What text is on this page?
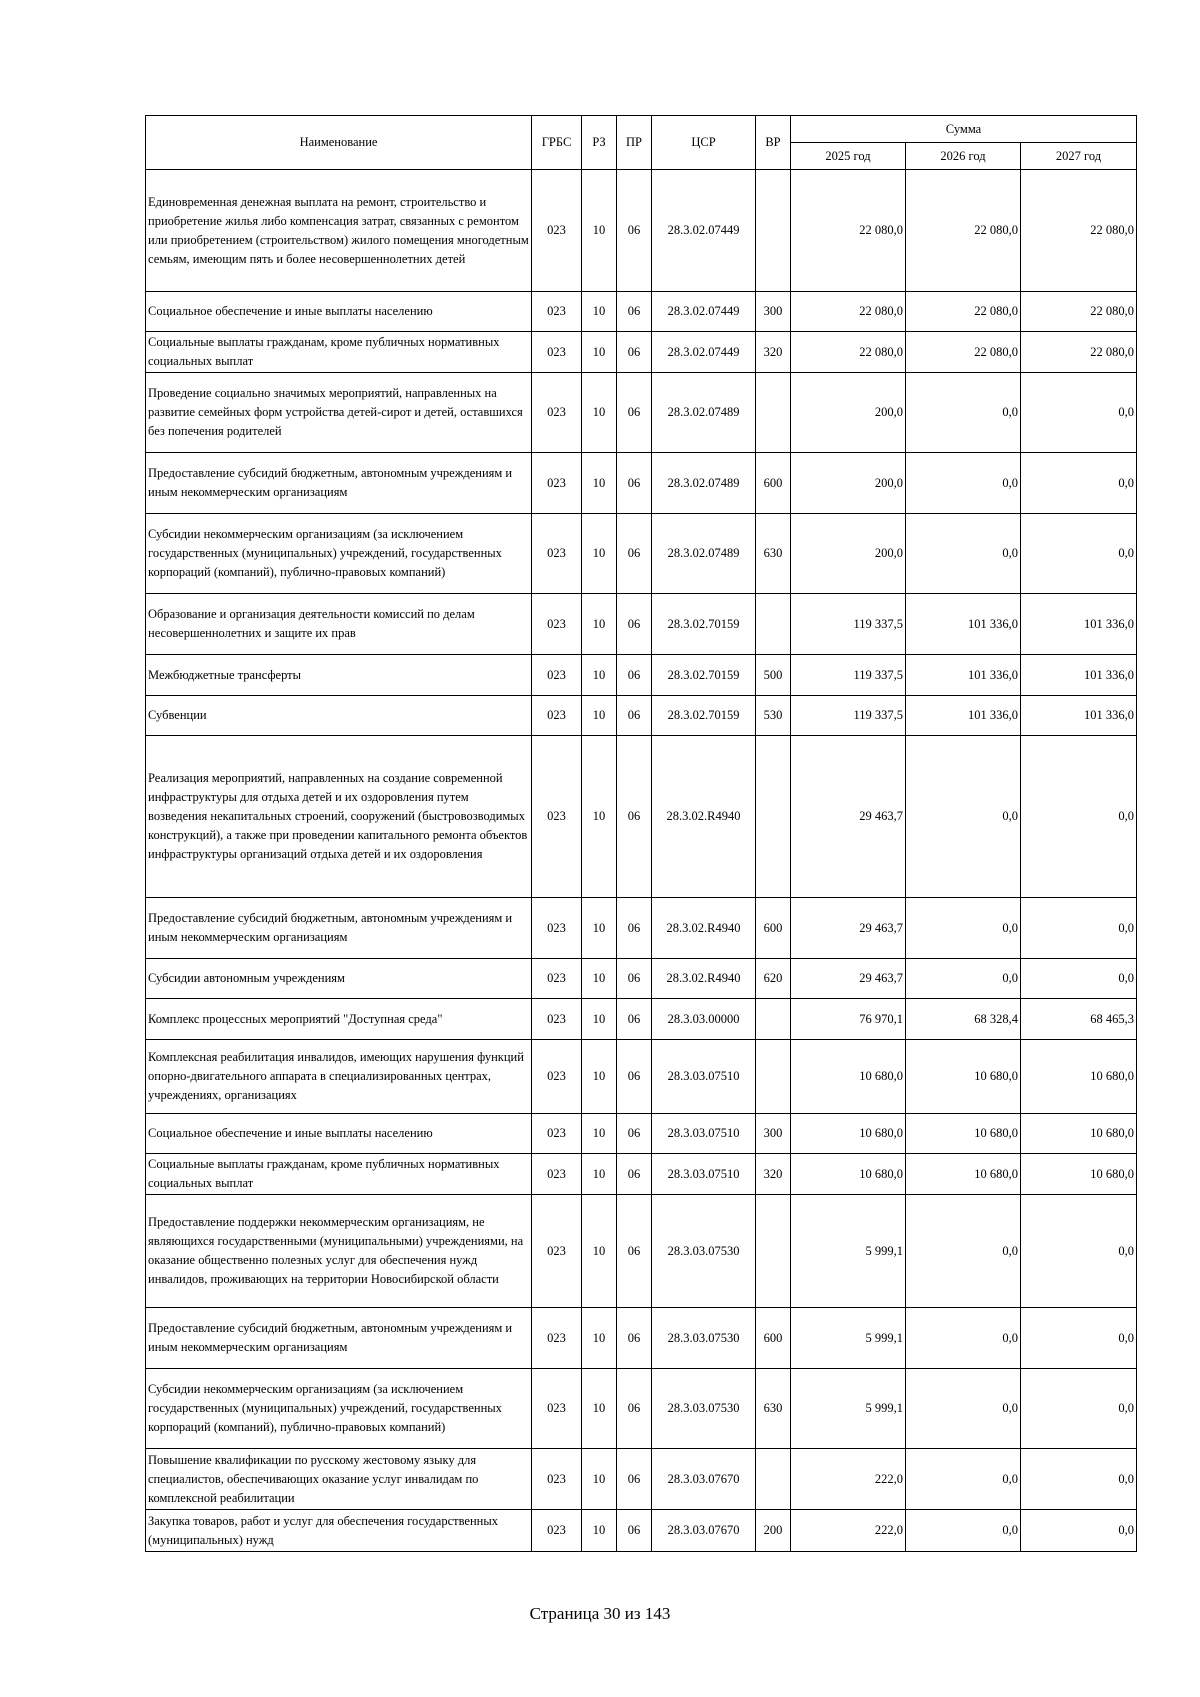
Наименование	ГРБС	РЗ	ПР	ЦСР	ВР	Сумма		
						2025 год	2026 год	2027 год
Единовременная денежная выплата на ремонт, строительство и приобретение жилья либо компенсация затрат, связанных с ремонтом или приобретением (строительством) жилого помещения многодетным семьям, имеющим пять и более несовершеннолетних детей	023	10	06	28.3.02.07449		22 080,0	22 080,0	22 080,0
Социальное обеспечение и иные выплаты населению	023	10	06	28.3.02.07449	300	22 080,0	22 080,0	22 080,0
Социальные выплаты гражданам, кроме публичных нормативных социальных выплат	023	10	06	28.3.02.07449	320	22 080,0	22 080,0	22 080,0
Проведение социально значимых мероприятий, направленных на развитие семейных форм устройства детей-сирот и детей, оставшихся без попечения родителей	023	10	06	28.3.02.07489		200,0	0,0	0,0
Предоставление субсидий бюджетным, автономным учреждениям и иным некоммерческим организациям	023	10	06	28.3.02.07489	600	200,0	0,0	0,0
Субсидии некоммерческим организациям (за исключением государственных (муниципальных) учреждений, государственных корпораций (компаний), публично-правовых компаний)	023	10	06	28.3.02.07489	630	200,0	0,0	0,0
Образование и организация деятельности комиссий по делам несовершеннолетних и защите их прав	023	10	06	28.3.02.70159		119 337,5	101 336,0	101 336,0
Межбюджетные трансферты	023	10	06	28.3.02.70159	500	119 337,5	101 336,0	101 336,0
Субвенции	023	10	06	28.3.02.70159	530	119 337,5	101 336,0	101 336,0
Реализация мероприятий, направленных на создание современной инфраструктуры для отдыха детей и их оздоровления путем возведения некапитальных строений, сооружений (быстровозводимых конструкций), а также при проведении капитального ремонта объектов инфраструктуры организаций отдыха детей и их оздоровления	023	10	06	28.3.02.R4940		29 463,7	0,0	0,0
Предоставление субсидий бюджетным, автономным учреждениям и иным некоммерческим организациям	023	10	06	28.3.02.R4940	600	29 463,7	0,0	0,0
Субсидии автономным учреждениям	023	10	06	28.3.02.R4940	620	29 463,7	0,0	0,0
Комплекс процессных мероприятий "Доступная среда"	023	10	06	28.3.03.00000		76 970,1	68 328,4	68 465,3
Комплексная реабилитация инвалидов, имеющих нарушения функций опорно-двигательного аппарата в специализированных центрах, учреждениях, организациях	023	10	06	28.3.03.07510		10 680,0	10 680,0	10 680,0
Социальное обеспечение и иные выплаты населению	023	10	06	28.3.03.07510	300	10 680,0	10 680,0	10 680,0
Социальные выплаты гражданам, кроме публичных нормативных социальных выплат	023	10	06	28.3.03.07510	320	10 680,0	10 680,0	10 680,0
Предоставление поддержки некоммерческим организациям, не являющихся государственными (муниципальными) учреждениями, на оказание общественно полезных услуг для обеспечения нужд инвалидов, проживающих на территории Новосибирской области	023	10	06	28.3.03.07530		5 999,1	0,0	0,0
Предоставление субсидий бюджетным, автономным учреждениям и иным некоммерческим организациям	023	10	06	28.3.03.07530	600	5 999,1	0,0	0,0
Субсидии некоммерческим организациям (за исключением государственных (муниципальных) учреждений, государственных корпораций (компаний), публично-правовых компаний)	023	10	06	28.3.03.07530	630	5 999,1	0,0	0,0
Повышение квалификации по русскому жестовому языку для специалистов, обеспечивающих оказание услуг инвалидам по комплексной реабилитации	023	10	06	28.3.03.07670		222,0	0,0	0,0
Закупка товаров, работ и услуг для обеспечения государственных (муниципальных) нужд	023	10	06	28.3.03.07670	200	222,0	0,0	0,0
Страница 30 из 143
